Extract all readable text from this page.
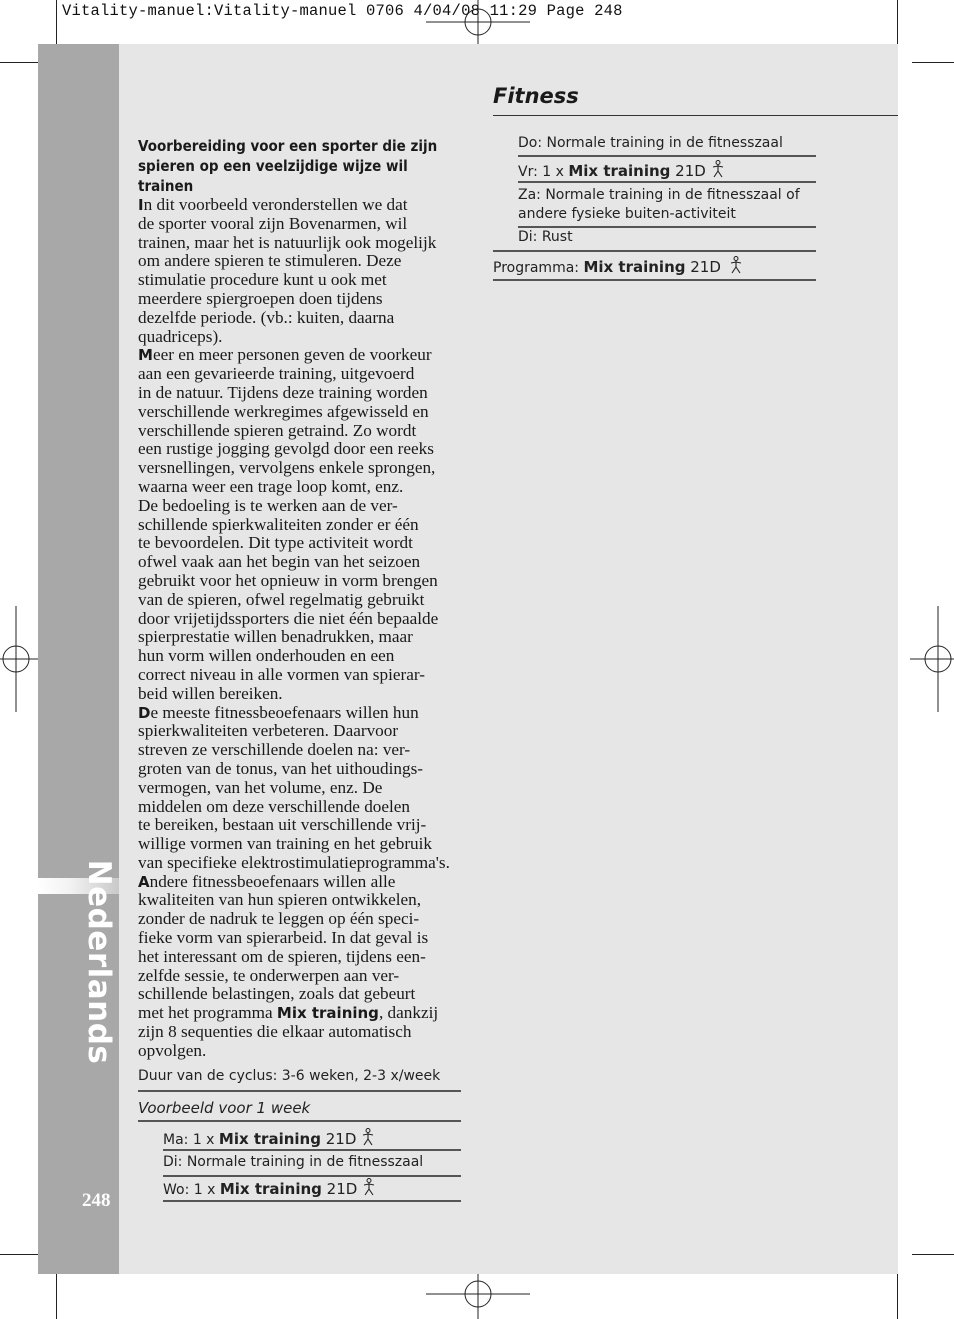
Vitality-manuel:Vitality-manuel 0706 4/04/08 11:29 Page 248
Nederlands
248
Fitness

Voorbereiding voor een sporter die zijn spieren op een veelzijdige wijze wil trainen

In dit voorbeeld veronderstellen we dat
de sporter vooral zijn Bovenarmen, wil
trainen, maar het is natuurlijk ook mogelijk
om andere spieren te stimuleren. Deze
stimulatie procedure kunt u ook met
meerdere spiergroepen doen tijdens
dezelfde periode. (vb.: kuiten, daarna
quadriceps).

Meer en meer personen geven de voorkeur
aan een gevarieerde training, uitgevoerd
in de natuur. Tijdens deze training worden
verschillende werkregimes afgewisseld en
verschillende spieren getraind. Zo wordt
een rustige jogging gevolgd door een reeks
versnellingen, vervolgens enkele sprongen,
waarna weer een trage loop komt, enz.
De bedoeling is te werken aan de ver-
schillende spierkwaliteiten zonder er één
te bevoordelen. Dit type activiteit wordt
ofwel vaak aan het begin van het seizoen
gebruikt voor het opnieuw in vorm brengen
van de spieren, ofwel regelmatig gebruikt
door vrijetijdssporters die niet één bepaalde
spierprestatie willen benadrukken, maar
hun vorm willen onderhouden en een
correct niveau in alle vormen van spierar-
beid willen bereiken.

De meeste fitnessbeoefenaars willen hun
spierkwaliteiten verbeteren. Daarvoor
streven ze verschillende doelen na: ver-
groten van de tonus, van het uithoudings-
vermogen, van het volume, enz. De
middelen om deze verschillende doelen
te bereiken, bestaan uit verschillende vrij-
willige vormen van training en het gebruik
van specifieke elektrostimulatieprogramma's.

Andere fitnessbeoefenaars willen alle
kwaliteiten van hun spieren ontwikkelen,
zonder de nadruk te leggen op één speci-
fieke vorm van spierarbeid. In dat geval is
het interessant om de spieren, tijdens een-
zelfde sessie, te onderwerpen aan ver-
schillende belastingen, zoals dat gebeurt
met het programma Mix training, dankzij
zijn 8 sequenties die elkaar automatisch
opvolgen.

Duur van de cyclus: 3-6 weken, 2-3 x/week
Voorbeeld voor 1 week
Ma: 1 x Mix training 21D
Di: Normale training in de fitnesszaal
Wo: 1 x Mix training 21D
Do: Normale training in de fitnesszaal
Vr: 1 x Mix training 21D
Za: Normale training in de fitnesszaal of
andere fysieke buiten-activiteit
Di: Rust
Programma: Mix training 21D
